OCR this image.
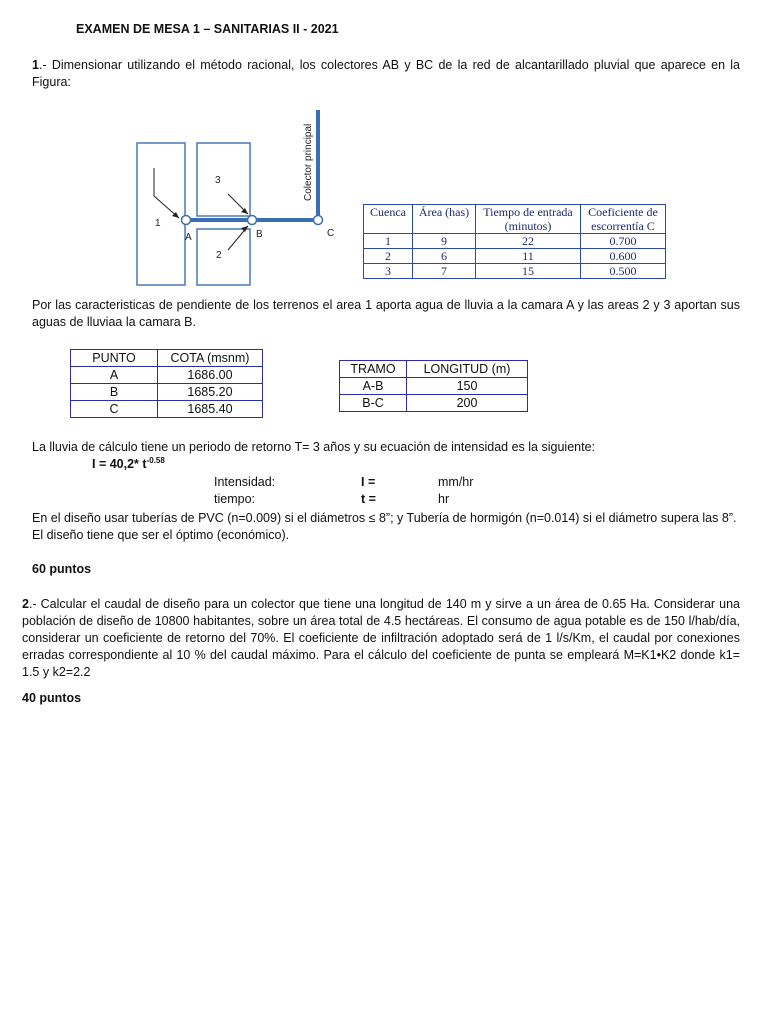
EXAMEN DE MESA 1 – SANITARIAS II - 2021
1.- Dimensionar utilizando el método racional, los colectores AB y BC de la red de alcantarillado pluvial que aparece en la Figura:
1
2
3
A	B	C
Colector principal
Cuenca	Área (has)	Tiempo de entrada (minutos)	Coeficiente de escorrentía C
1	9	22	0.700
2	6	11	0.600
3	7	15	0.500
Por las caracteristicas de pendiente de los terrenos el area 1 aporta agua de lluvia a la camara A y las areas 2 y 3 aportan sus aguas de lluviaa la camara B.
PUNTO	COTA (msnm)
A	1686.00
B	1685.20
C	1685.40
TRAMO	LONGITUD (m)
A-B	150
B-C	200
La lluvia de cálculo tiene un periodo de retorno T= 3 años y su ecuación de intensidad es la siguiente:
I = 40,2* $t^{-0.58}$
Intensidad:	I =	mm/hr
tiempo:	t =	hr
En el diseño usar tuberías de PVC (n=0.009) si el diámetros ≤ 8”; y Tubería de hormigón (n=0.014) si el diámetro supera las 8”. El diseño tiene que ser el óptimo (económico).
60 puntos
2.- Calcular el caudal de diseño para un colector que tiene una longitud de 140 m y sirve a un área de 0.65 Ha. Considerar una población de diseño de 10800 habitantes, sobre un área total de 4.5 hectáreas. El consumo de agua potable es de 150 l/hab/día, considerar un coeficiente de retorno del 70%. El coeficiente de infiltración adoptado será de 1 l/s/Km, el caudal por conexiones erradas correspondiente al 10 % del caudal máximo. Para el cálculo del coeficiente de punta se empleará M=K1•K2 donde k1= 1.5 y k2=2.2
40 puntos
